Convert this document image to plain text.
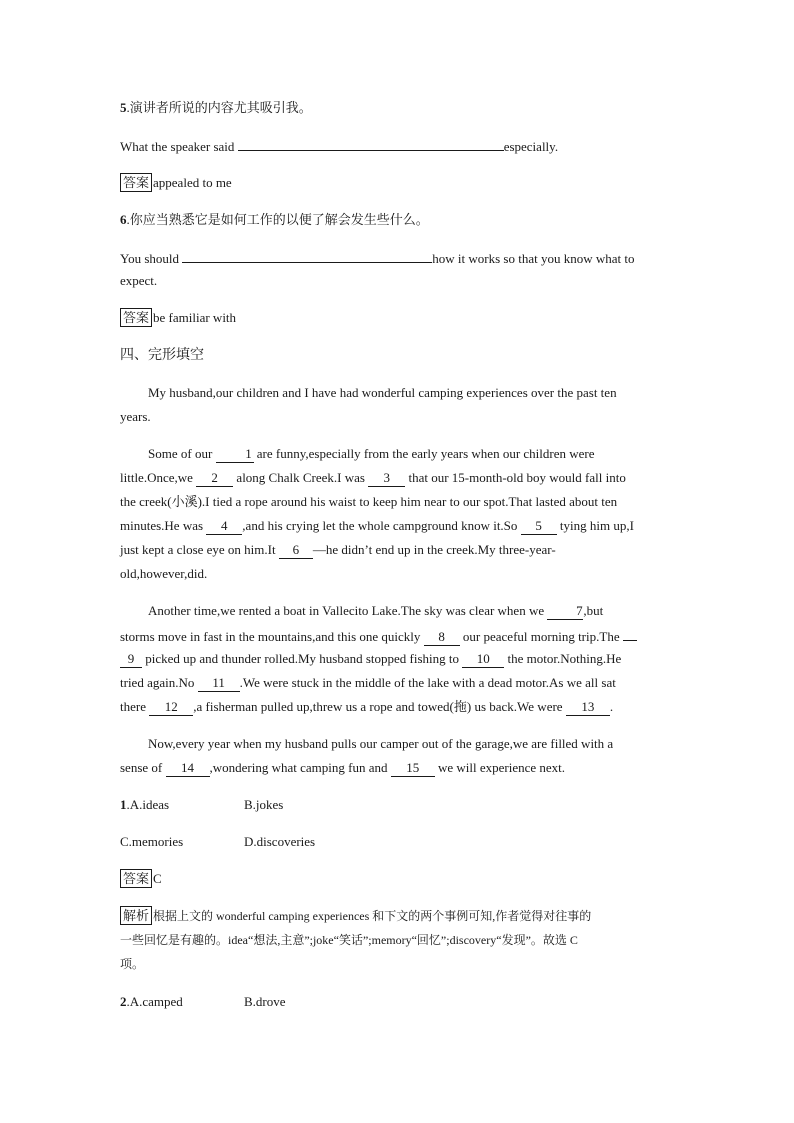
5.演讲者所说的内容尤其吸引我。
What the speaker said	especially.
答案 appealed to me
6.你应当熟悉它是如何工作的以便了解会发生些什么。
You should	how it works so that you know what to
expect.
答案 be familiar with
四、完形填空
My husband,our children and I have had wonderful camping experiences over the past ten
years.
Some of our 1 are funny,especially from the early years when our children were
little.Once,we 2 along Chalk Creek.I was 3 that our 15-month-old boy would fall into
the creek(小溪).I tied a rope around his waist to keep him near to our spot.That lasted about ten
minutes.He was 4 ,and his crying let the whole campground know it.So 5 tying him up,I
just kept a close eye on him.It 6 —he didn’t end up in the creek.My three-year-
old,however,did.
Another time,we rented a boat in Vallecito Lake.The sky was clear when we 7,but
storms move in fast in the mountains,and this one quickly 8 our peaceful morning trip.The
9 picked up and thunder rolled.My husband stopped fishing to 10 the motor.Nothing.He
tried again.No 11 .We were stuck in the middle of the lake with a dead motor.As we all sat
there 12 ,a fisherman pulled up,threw us a rope and towed(拖) us back.We were 13 .
Now,every year when my husband pulls our camper out of the garage,we are filled with a
sense of 14 ,wondering what camping fun and 15 we will experience next.
1.A.ideas	B.jokes
C.memories	D.discoveries
答案 C
解析 根据上文的 wonderful camping experiences 和下文的两个事例可知,作者觉得对往事的
一些回忆是有趣的。idea“想法,主意”;joke“笑话”;memory“回忆”;discovery“发现”。故选 C
项。
2.A.camped	B.drove
